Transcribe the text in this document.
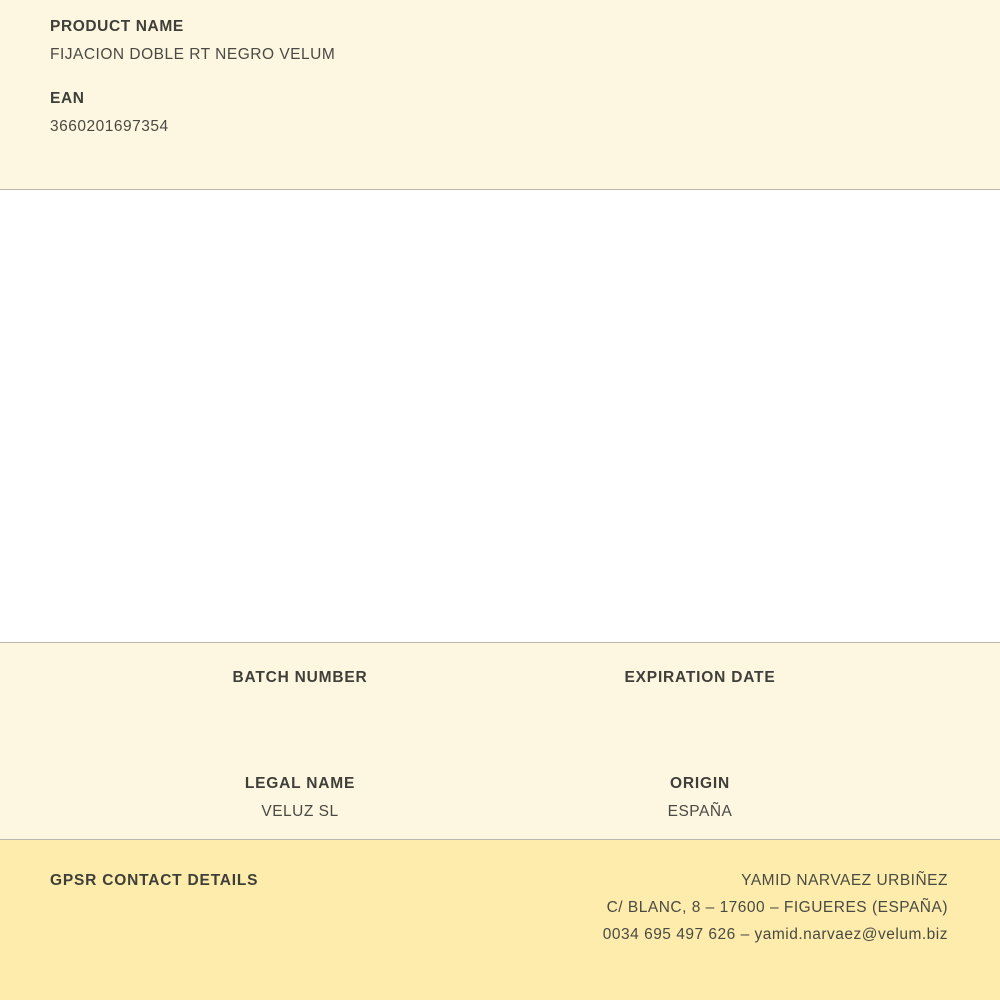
PRODUCT NAME

FIJACION DOBLE RT NEGRO VELUM

EAN

3660201697354

BATCH NUMBER	EXPIRATION DATE

LEGAL NAME

VELUZ SL

ORIGIN

ESPAÑA

GPSR CONTACT DETAILS	YAMID NARVAEZ URBIÑEZ

C/ BLANC, 8 – 17600 – FIGUERES (ESPAÑA)

0034 695 497 626 – yamid.narvaez@velum.biz
